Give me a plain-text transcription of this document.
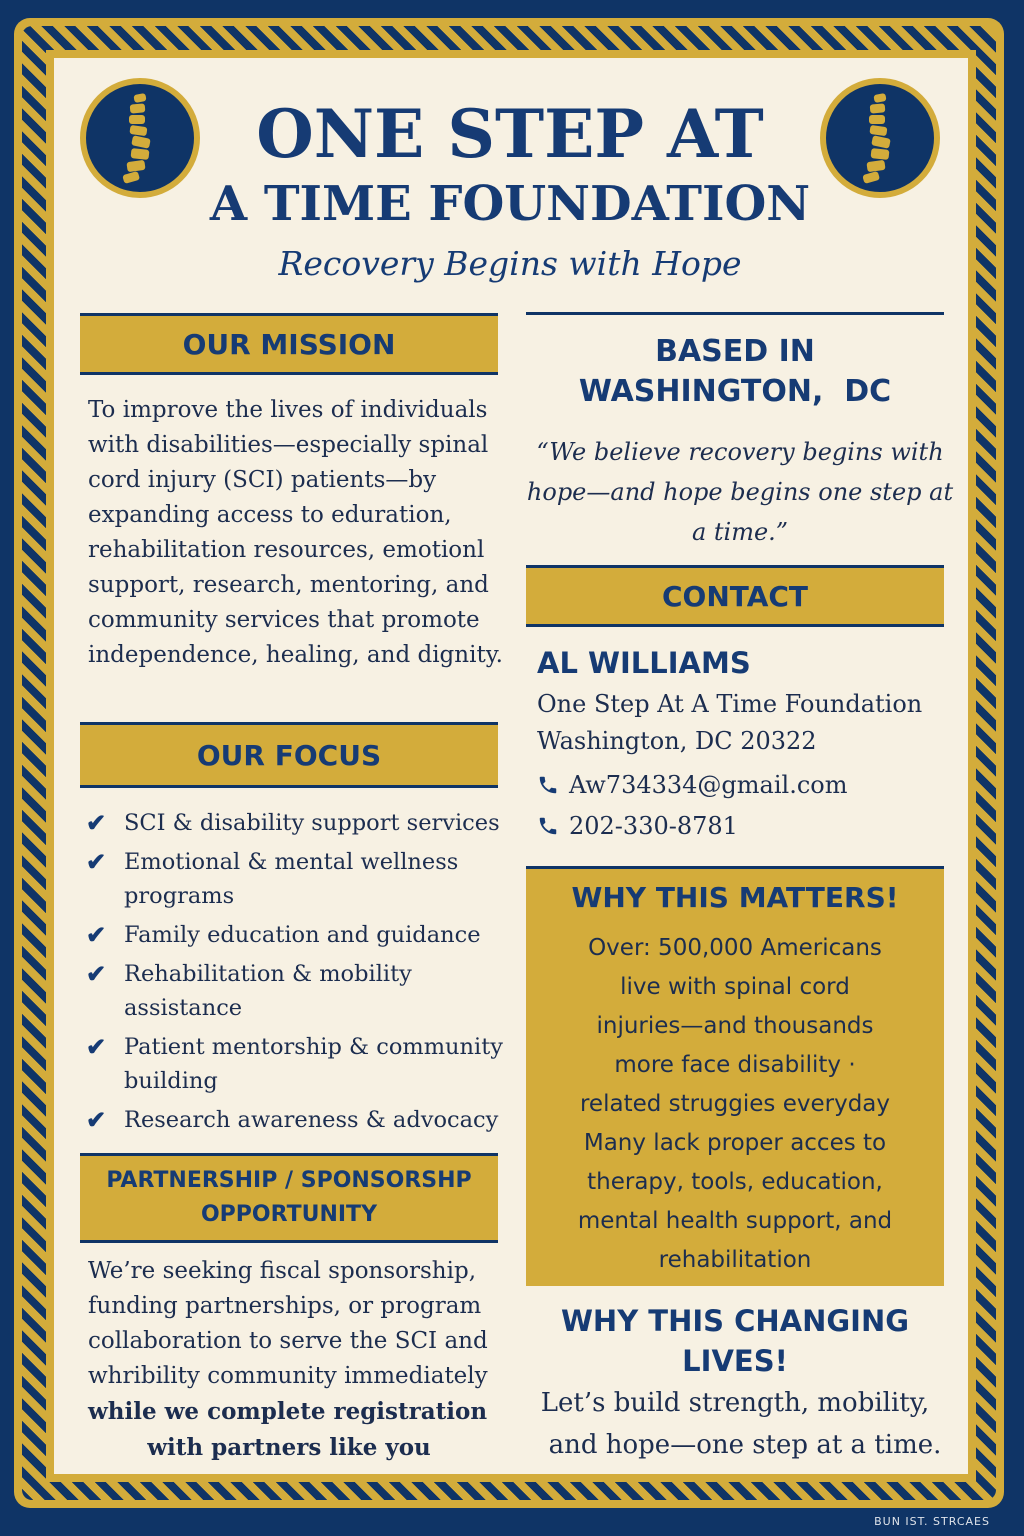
ONE STEP AT
A TIME FOUNDATION
Recovery Begins with Hope
OUR MISSION
To improve the lives of individuals with disabilities—especially spinal cord injury (SCI) patients—by expanding access to eduration, rehabilitation resources, emotionl support, research, mentoring, and community services that promote independence, healing, and dignity.
OUR FOCUS
✔ SCI & disability support services
✔ Emotional & mental wellness programs
✔ Family education and guidance
✔ Rehabilitation & mobility assistance
✔ Patient mentorship & community building
✔ Research awareness & advocacy
PARTNERSHIP / SPONSORSHP
OPPORTUNITY
We’re seeking fiscal sponsorship, funding partnerships, or program collaboration to serve the SCI and whribility community immediately while we complete registration
with partners like you
BASED IN
WASHINGTON,  DC
“We believe recovery begins with hope—and hope begins one step at a time.”
CONTACT
AL WILLIAMS
One Step At A Time Foundation
Washington, DC 20322
Aw734334@gmail.com
202-330-8781
WHY THIS MATTERS!
Over: 500,000 Americans
live with spinal cord
injuries—and thousands
more face disability ·
related struggies everyday
Many lack proper acces to
therapy, tools, education,
mental health support, and
rehabilitation
WHY THIS CHANGING
LIVES!
Let’s build strength, mobility,
and hope—one step at a time.
BUN IST. STRCAES
